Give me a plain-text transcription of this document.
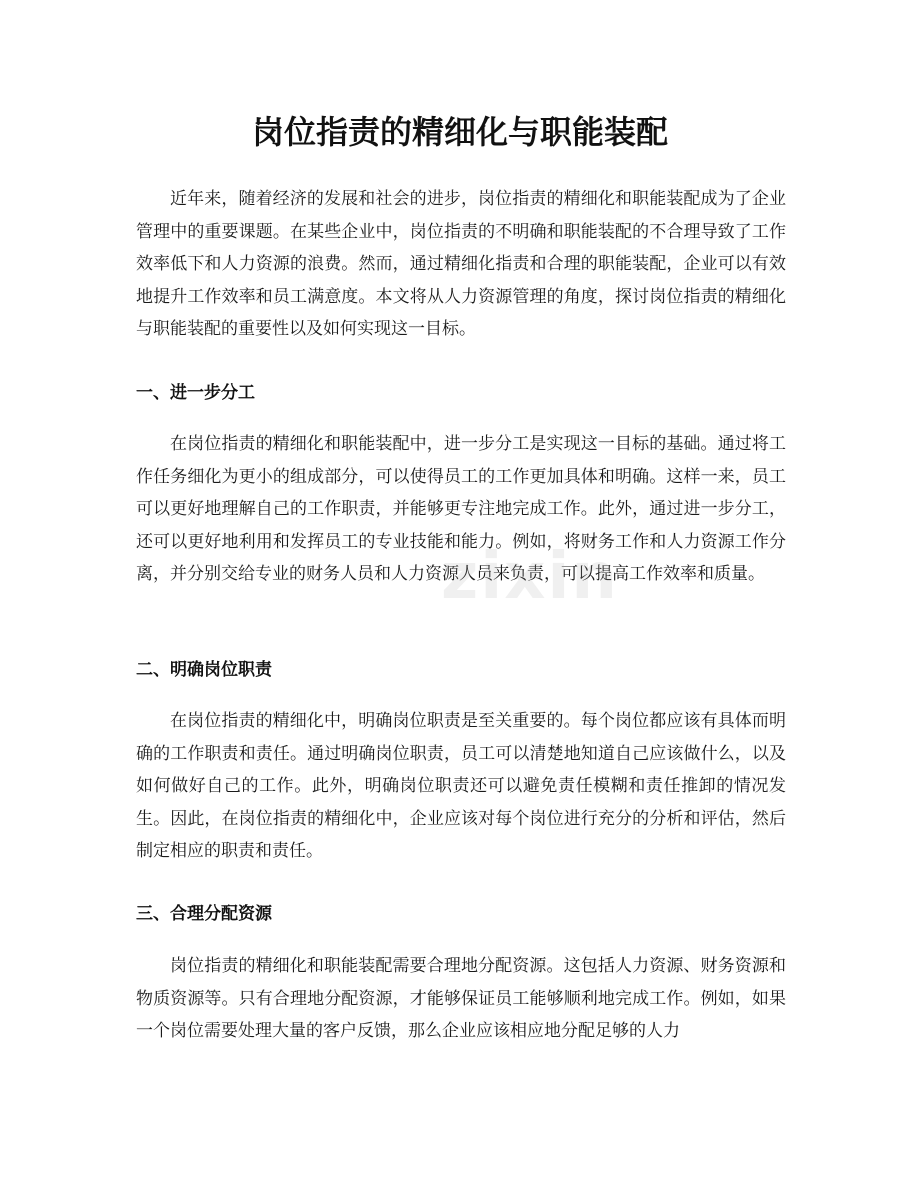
岗位指责的精细化与职能装配

近年来，随着经济的发展和社会的进步，岗位指责的精细化和职能装配成为了企业管理中的重要课题。在某些企业中，岗位指责的不明确和职能装配的不合理导致了工作效率低下和人力资源的浪费。然而，通过精细化指责和合理的职能装配，企业可以有效地提升工作效率和员工满意度。本文将从人力资源管理的角度，探讨岗位指责的精细化与职能装配的重要性以及如何实现这一目标。

一、进一步分工

在岗位指责的精细化和职能装配中，进一步分工是实现这一目标的基础。通过将工作任务细化为更小的组成部分，可以使得员工的工作更加具体和明确。这样一来，员工可以更好地理解自己的工作职责，并能够更专注地完成工作。此外，通过进一步分工，还可以更好地利用和发挥员工的专业技能和能力。例如，将财务工作和人力资源工作分离，并分别交给专业的财务人员和人力资源人员来负责，可以提高工作效率和质量。

二、明确岗位职责

在岗位指责的精细化中，明确岗位职责是至关重要的。每个岗位都应该有具体而明确的工作职责和责任。通过明确岗位职责，员工可以清楚地知道自己应该做什么，以及如何做好自己的工作。此外，明确岗位职责还可以避免责任模糊和责任推卸的情况发生。因此，在岗位指责的精细化中，企业应该对每个岗位进行充分的分析和评估，然后制定相应的职责和责任。

三、合理分配资源

岗位指责的精细化和职能装配需要合理地分配资源。这包括人力资源、财务资源和物质资源等。只有合理地分配资源，才能够保证员工能够顺利地完成工作。例如，如果一个岗位需要处理大量的客户反馈，那么企业应该相应地分配足够的人力

zixin
